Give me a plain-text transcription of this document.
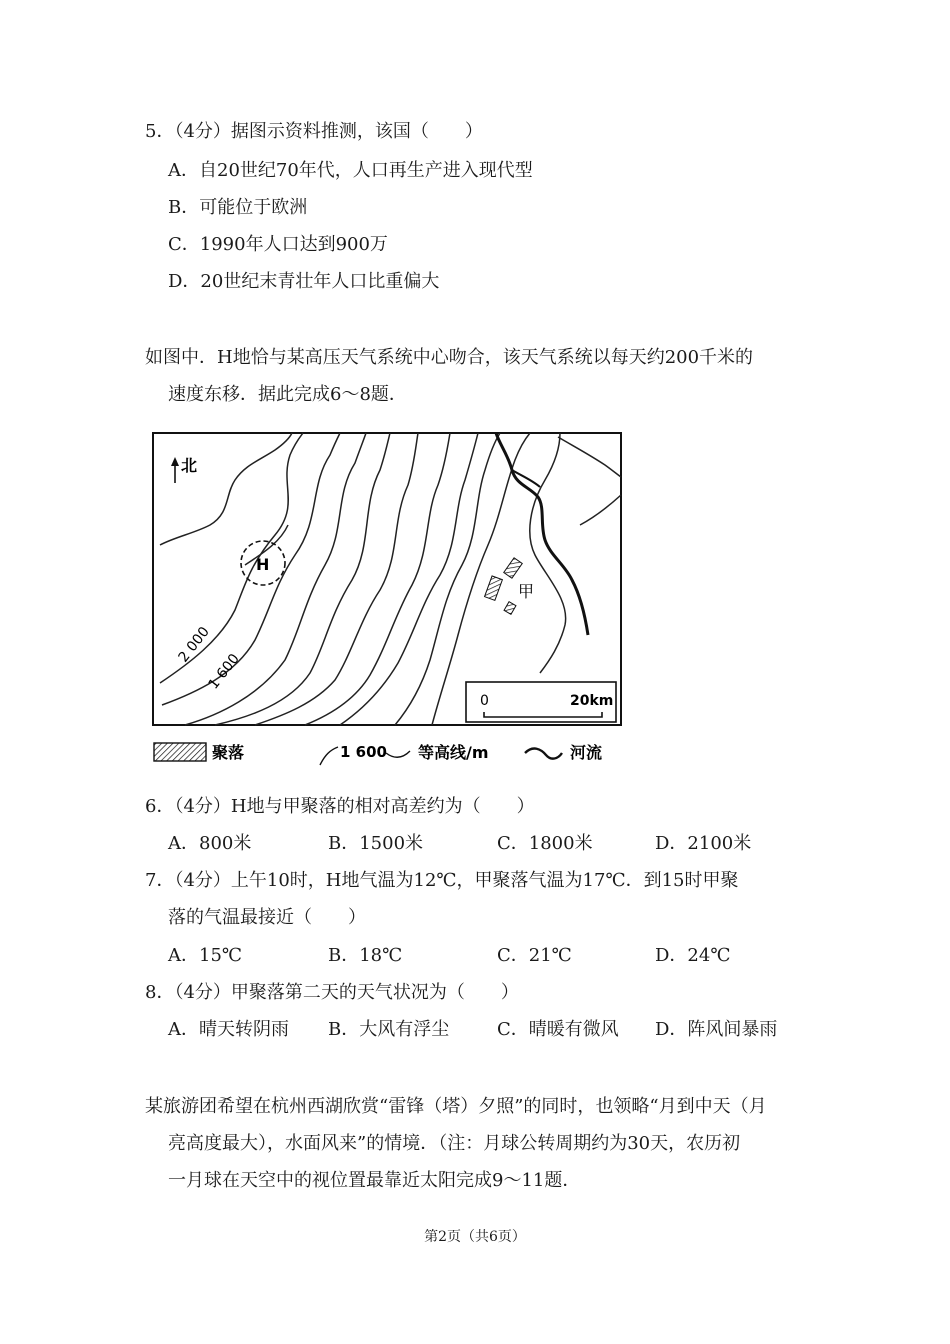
5．（4分）据图示资料推测，该国（　　）
A．自20世纪70年代，人口再生产进入现代型
B．可能位于欧洲
C．1990年人口达到900万
D．20世纪末青壮年人口比重偏大
如图中．H地恰与某高压天气系统中心吻合，该天气系统以每天约200千米的
速度东移．据此完成6～8题．
北
H
2 000
1 600
甲
0	20km
聚落	1 600 等高线/m	河流
6．（4分）H地与甲聚落的相对高差约为（　　）
A．800米	B．1500米	C．1800米	D．2100米
7．（4分）上午10时，H地气温为12℃，甲聚落气温为17℃．到15时甲聚
落的气温最接近（　　）
A．15℃	B．18℃	C．21℃	D．24℃
8．（4分）甲聚落第二天的天气状况为（　　）
A．晴天转阴雨 B．大风有浮尘	C．晴暖有微风 D．阵风间暴雨
某旅游团希望在杭州西湖欣赏“雷锋（塔）夕照”的同时，也领略“月到中天（月
亮高度最大），水面风来”的情境．（注：月球公转周期约为30天，农历初
一月球在天空中的视位置最靠近太阳完成9～11题．
第2页（共6页）
